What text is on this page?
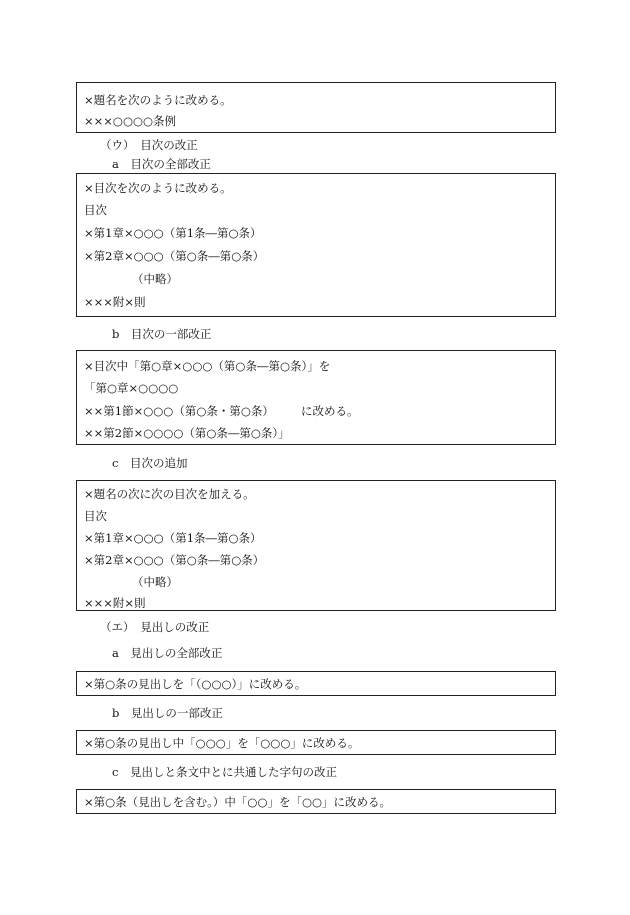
×題名を次のように改める。
×××○○○○条例
（ウ）　目次の改正
a　目次の全部改正
×目次を次のように改める。
目次
×第1章×○○○（第1条―第○条）
×第2章×○○○（第○条―第○条）
（中略）
×××附×則
b　目次の一部改正
×目次中「第○章×○○○（第○条―第○条）」を
「第○章×○○○○
××第1節×○○○（第○条・第○条） に改める。
××第2節×○○○○（第○条―第○条）」
c　目次の追加
×題名の次に次の目次を加える。
目次
×第1章×○○○（第1条―第○条）
×第2章×○○○（第○条―第○条）
（中略）
×××附×則
（エ）　見出しの改正
a　見出しの全部改正
×第○条の見出しを「（○○○）」に改める。
b　見出しの一部改正
×第○条の見出し中「○○○」を「○○○」に改める。
c　見出しと条文中とに共通した字句の改正
×第○条（見出しを含む。）中「○○」を「○○」に改める。
